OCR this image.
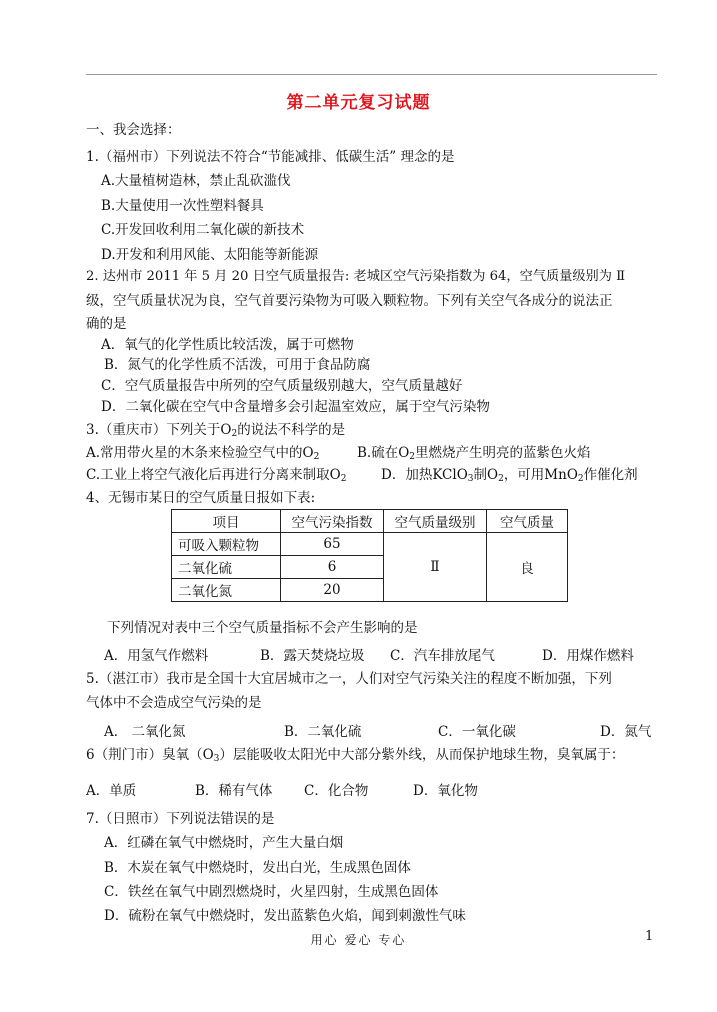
第二单元复习试题
一、我会选择：
1.（福州市）下列说法不符合“节能减排、低碳生活” 理念的是
A.大量植树造林，禁止乱砍滥伐
B.大量使用一次性塑料餐具
C.开发回收利用二氧化碳的新技术
D.开发和利用风能、太阳能等新能源
2. 达州市 2011 年 5 月 20 日空气质量报告: 老城区空气污染指数为 64，空气质量级别为 Ⅱ
级，空气质量状况为良，空气首要污染物为可吸入颗粒物。下列有关空气各成分的说法正
确的是
A．氧气的化学性质比较活泼，属于可燃物
B．氮气的化学性质不活泼，可用于食品防腐
C．空气质量报告中所列的空气质量级别越大，空气质量越好
D．二氧化碳在空气中含量增多会引起温室效应，属于空气污染物
3.（重庆市）下列关于$O_2$的说法不科学的是
A.常用带火星的木条来检验空气中的$O_2$	B.硫在$O_2$里燃烧产生明亮的蓝紫色火焰
C.工业上将空气液化后再进行分离来制取$O_2$	D．加热KClO$_3$制$O_2$，可用MnO$_2$作催化剂
4、无锡市某日的空气质量日报如下表:
项目	空气污染指数	空气质量级别	空气质量
可吸入颗粒物	65	Ⅱ	良
二氧化硫	6		
二氧化氮	20		
下列情况对表中三个空气质量指标不会产生影响的是
A．用氢气作燃料	B．露天焚烧垃圾 C．汽车排放尾气	D．用煤作燃料
5.（湛江市）我市是全国十大宜居城市之一，人们对空气污染关注的程度不断加强，下列
气体中不会造成空气污染的是
A． 二氧化氮	B．二氧化硫	C．一氧化碳	D．氮气
6（荆门市）臭氧$(O_3)$层能吸收太阳光中大部分紫外线，从而保护地球生物，臭氧属于：
A．单质	B．稀有气体 C．化合物	D．氧化物
7.（日照市）下列说法错误的是
A．红磷在氧气中燃烧时，产生大量白烟
B．木炭在氧气中燃烧时，发出白光，生成黑色固体
C．铁丝在氧气中剧烈燃烧时，火星四射，生成黑色固体
D．硫粉在氧气中燃烧时，发出蓝紫色火焰，闻到刺激性气味
用心 爱心 专心	1
